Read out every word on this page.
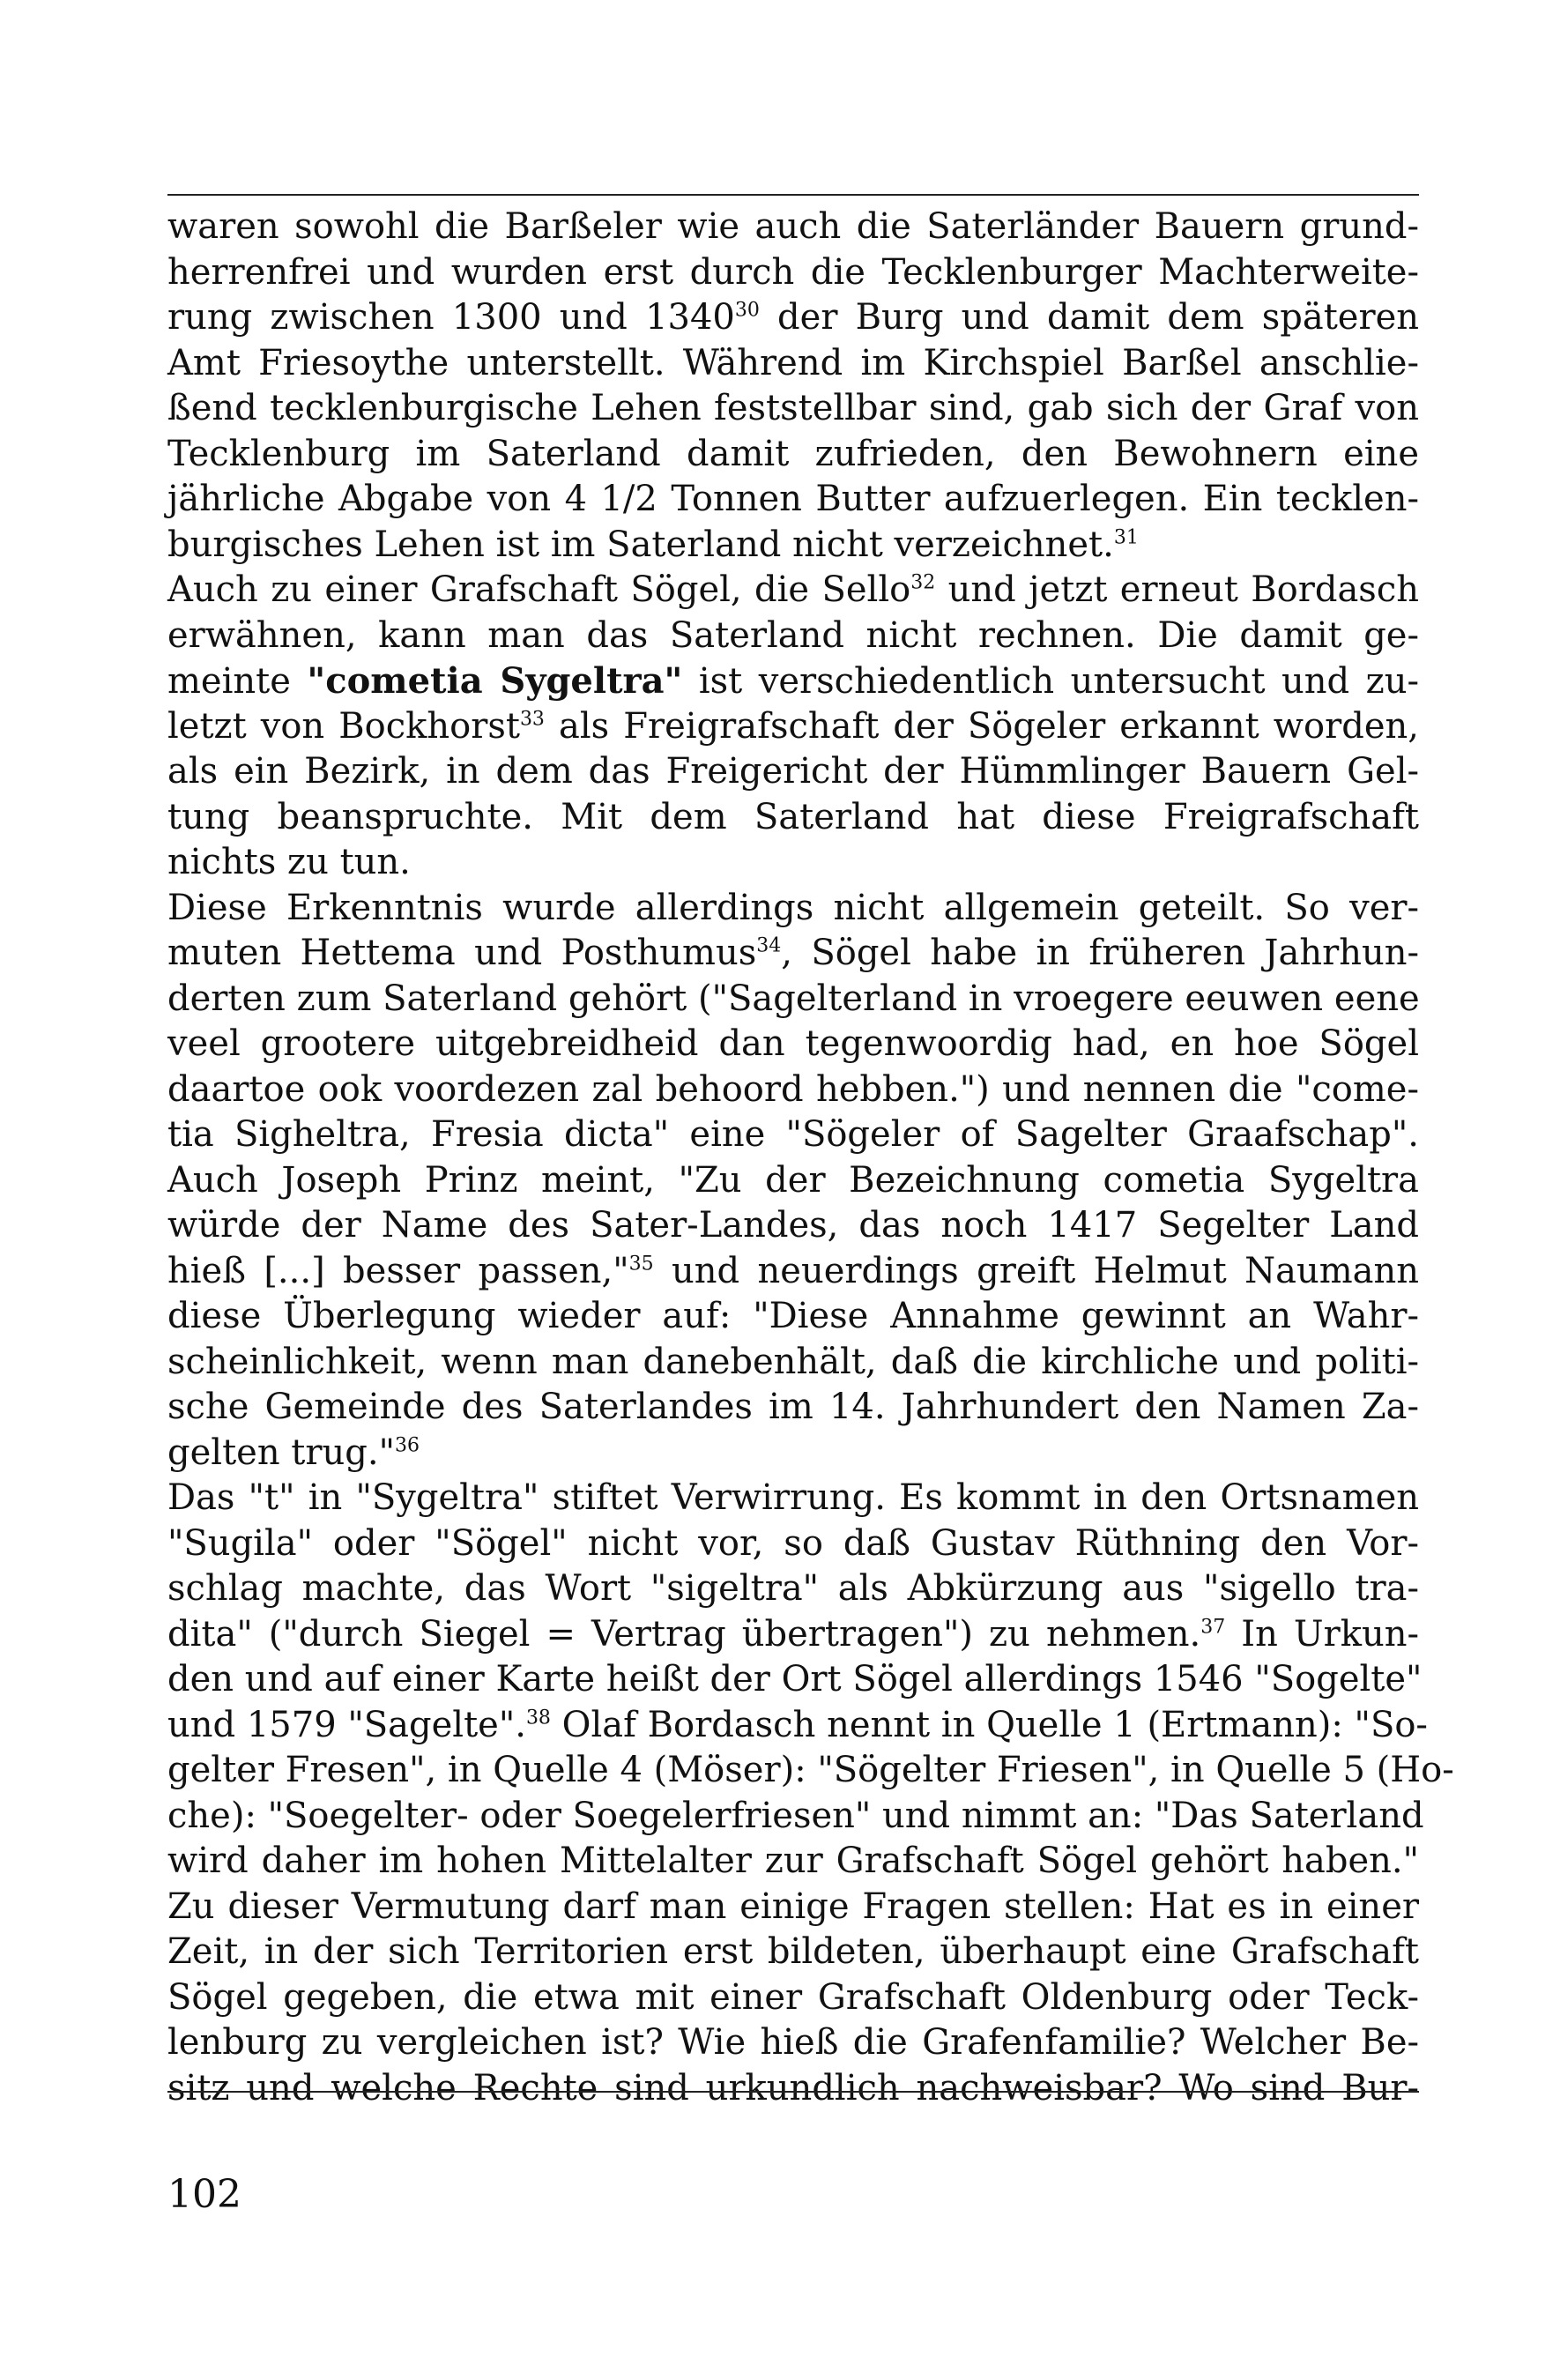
waren sowohl die Barßeler wie auch die Saterländer Bauern grund-
herrenfrei und wurden erst durch die Tecklenburger Machterweite-
rung zwischen 1300 und 1340$^{30}$ der Burg und damit dem späteren
Amt Friesoythe unterstellt. Während im Kirchspiel Barßel anschlie-
ßend tecklenburgische Lehen feststellbar sind, gab sich der Graf von
Tecklenburg im Saterland damit zufrieden, den Bewohnern eine
jährliche Abgabe von 4 1/2 Tonnen Butter aufzuerlegen. Ein tecklen-
burgisches Lehen ist im Saterland nicht verzeichnet.$^{31}$
Auch zu einer Grafschaft Sögel, die Sello$^{32}$ und jetzt erneut Bordasch
erwähnen, kann man das Saterland nicht rechnen. Die damit ge-
meinte "cometia Sygeltra" ist verschiedentlich untersucht und zu-
letzt von Bockhorst$^{33}$ als Freigrafschaft der Sögeler erkannt worden,
als ein Bezirk, in dem das Freigericht der Hümmlinger Bauern Gel-
tung beanspruchte. Mit dem Saterland hat diese Freigrafschaft
nichts zu tun.
Diese Erkenntnis wurde allerdings nicht allgemein geteilt. So ver-
muten Hettema und Posthumus$^{34}$, Sögel habe in früheren Jahrhun-
derten zum Saterland gehört ("Sagelterland in vroegere eeuwen eene
veel grootere uitgebreidheid dan tegenwoordig had, en hoe Sögel
daartoe ook voordezen zal behoord hebben.") und nennen die "come-
tia Sigheltra, Fresia dicta" eine "Sögeler of Sagelter Graafschap".
Auch Joseph Prinz meint, "Zu der Bezeichnung cometia Sygeltra
würde der Name des Sater-Landes, das noch 1417 Segelter Land
hieß [...] besser passen,"$^{35}$ und neuerdings greift Helmut Naumann
diese Überlegung wieder auf: "Diese Annahme gewinnt an Wahr-
scheinlichkeit, wenn man danebenhält, daß die kirchliche und politi-
sche Gemeinde des Saterlandes im 14. Jahrhundert den Namen Za-
gelten trug."$^{36}$
Das "t" in "Sygeltra" stiftet Verwirrung. Es kommt in den Ortsnamen
"Sugila" oder "Sögel" nicht vor, so daß Gustav Rüthning den Vor-
schlag machte, das Wort "sigeltra" als Abkürzung aus "sigello tra-
dita" ("durch Siegel = Vertrag übertragen") zu nehmen.$^{37}$ In Urkun-
den und auf einer Karte heißt der Ort Sögel allerdings 1546 "Sogelte"
und 1579 "Sagelte".$^{38}$ Olaf Bordasch nennt in Quelle 1 (Ertmann): "So-
gelter Fresen", in Quelle 4 (Möser): "Sögelter Friesen", in Quelle 5 (Ho-
che): "Soegelter- oder Soegelerfriesen" und nimmt an: "Das Saterland
wird daher im hohen Mittelalter zur Grafschaft Sögel gehört haben."
Zu dieser Vermutung darf man einige Fragen stellen: Hat es in einer
Zeit, in der sich Territorien erst bildeten, überhaupt eine Grafschaft
Sögel gegeben, die etwa mit einer Grafschaft Oldenburg oder Teck-
lenburg zu vergleichen ist? Wie hieß die Grafenfamilie? Welcher Be-
sitz und welche Rechte sind urkundlich nachweisbar? Wo sind Bur-
102
